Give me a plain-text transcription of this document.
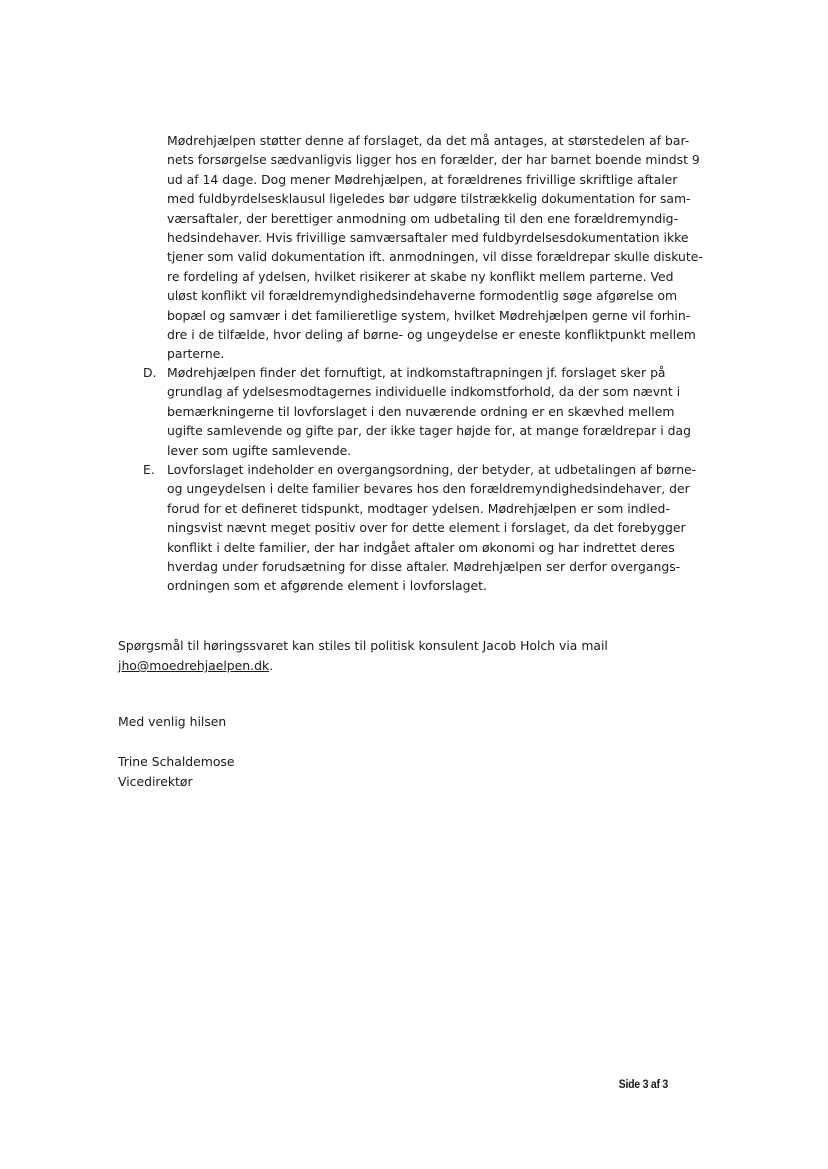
Mødrehjælpen støtter denne af forslaget, da det må antages, at størstedelen af bar-
nets forsørgelse sædvanligvis ligger hos en forælder, der har barnet boende mindst 9
ud af 14 dage. Dog mener Mødrehjælpen, at forældrenes frivillige skriftlige aftaler
med fuldbyrdelsesklausul ligeledes bør udgøre tilstrækkelig dokumentation for sam-
værsaftaler, der berettiger anmodning om udbetaling til den ene forældremyndig-
hedsindehaver. Hvis frivillige samværsaftaler med fuldbyrdelsesdokumentation ikke
tjener som valid dokumentation ift. anmodningen, vil disse forældrepar skulle diskute-
re fordeling af ydelsen, hvilket risikerer at skabe ny konflikt mellem parterne. Ved
uløst konflikt vil forældremyndighedsindehaverne formodentlig søge afgørelse om
bopæl og samvær i det familieretlige system, hvilket Mødrehjælpen gerne vil forhin-
dre i de tilfælde, hvor deling af børne- og ungeydelse er eneste konfliktpunkt mellem
parterne.
D. Mødrehjælpen finder det fornuftigt, at indkomstaftrapningen jf. forslaget sker på
grundlag af ydelsesmodtagernes individuelle indkomstforhold, da der som nævnt i
bemærkningerne til lovforslaget i den nuværende ordning er en skævhed mellem
ugifte samlevende og gifte par, der ikke tager højde for, at mange forældrepar i dag
lever som ugifte samlevende.
E. Lovforslaget indeholder en overgangsordning, der betyder, at udbetalingen af børne-
og ungeydelsen i delte familier bevares hos den forældremyndighedsindehaver, der
forud for et defineret tidspunkt, modtager ydelsen. Mødrehjælpen er som indled-
ningsvist nævnt meget positiv over for dette element i forslaget, da det forebygger
konflikt i delte familier, der har indgået aftaler om økonomi og har indrettet deres
hverdag under forudsætning for disse aftaler. Mødrehjælpen ser derfor overgangs-
ordningen som et afgørende element i lovforslaget.
Spørgsmål til høringssvaret kan stiles til politisk konsulent Jacob Holch via mail
jho@moedrehjaelpen.dk.
Med venlig hilsen
Trine Schaldemose
Vicedirektør
Side 3 af 3
